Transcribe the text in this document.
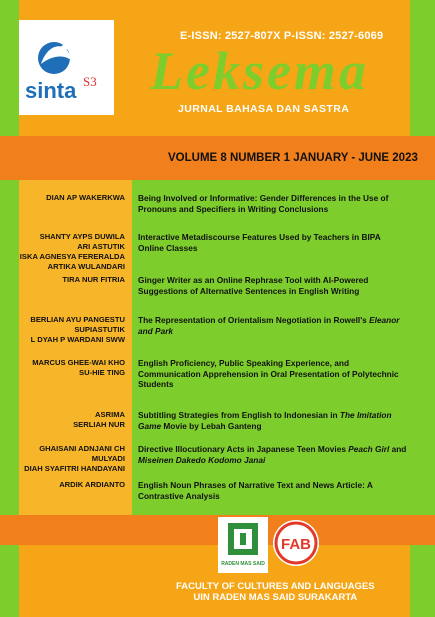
sinta S3
E-ISSN: 2527-807X P-ISSN: 2527-6069
Leksema
JURNAL BAHASA DAN SASTRA
VOLUME 8 NUMBER 1 JANUARY - JUNE 2023
DIAN AP WAKERKWA
SHANTY AYPS DUWILA
ARI ASTUTIK
ISKA AGNESYA FERERALDA
ARTIKA WULANDARI
TIRA NUR FITRIA
BERLIAN AYU PANGESTU
SUPIASTUTIK
L DYAH P WARDANI SWW
MARCUS GHEE-WAI KHO
SU-HIE TING
ASRIMA
SERLIAH NUR
GHAISANI ADNJANI CH
MULYADI
DIAH SYAFITRI HANDAYANI
ARDIK ARDIANTO
Being Involved or Informative: Gender Differences in the Use of Pronouns and Specifiers in Writing Conclusions
Interactive Metadiscourse Features Used by Teachers in BIPA Online Classes
Ginger Writer as an Online Rephrase Tool with AI-Powered Suggestions of Alternative Sentences in English Writing
The Representation of Orientalism Negotiation in Rowell's Eleanor and Park
English Proficiency, Public Speaking Experience, and Communication Apprehension in Oral Presentation of Polytechnic Students
Subtitling Strategies from English to Indonesian in The Imitation Game Movie by Lebah Ganteng
Directive Illocutionary Acts in Japanese Teen Movies Peach Girl and Miseinen Dakedo Kodomo Janai
English Noun Phrases of Narrative Text and News Article: A Contrastive Analysis
RADEN MAS SAID
FAB
FACULTY OF CULTURES AND LANGUAGES
UIN RADEN MAS SAID SURAKARTA
